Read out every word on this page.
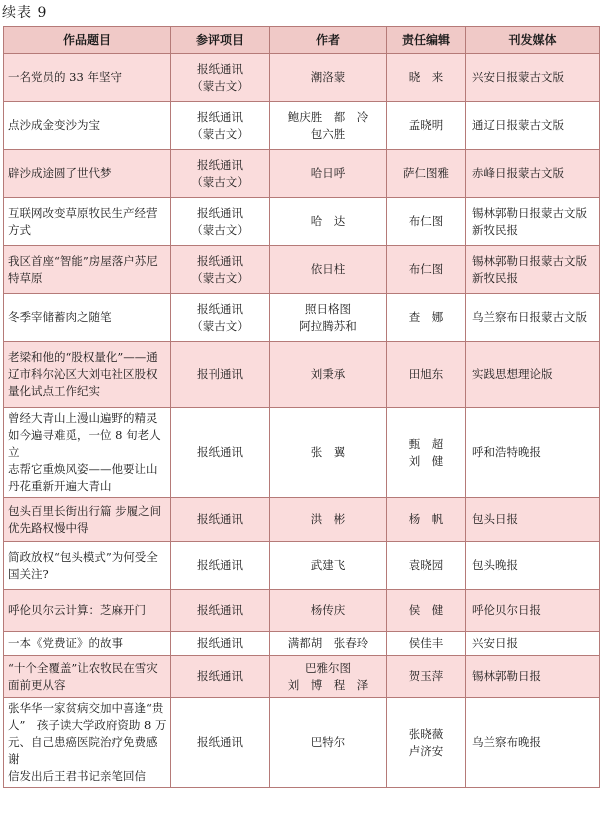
续表 9
作品题目	参评项目	作者	责任编辑	刊发媒体

一名党员的 33 年坚守	报纸通讯
（蒙古文）	潮洛蒙	晓　来	兴安日报蒙古文版

点沙成金变沙为宝	报纸通讯
（蒙古文）	鲍庆胜　都　冷
包六胜	孟晓明	通辽日报蒙古文版

辟沙成途圆了世代梦	报纸通讯
（蒙古文）	哈日呼	萨仁图雅	赤峰日报蒙古文版

互联网改变草原牧民生产经营
方式	报纸通讯
（蒙古文）	哈　达	布仁图	锡林郭勒日报蒙古文版
新牧民报

我区首座“智能”房屋落户苏尼
特草原	报纸通讯
（蒙古文）	依日柱	布仁图	锡林郭勒日报蒙古文版
新牧民报

冬季宰储蓄肉之随笔	报纸通讯
（蒙古文）	照日格图
阿拉腾苏和	查　娜	乌兰察布日报蒙古文版

老梁和他的“股权量化”——通
辽市科尔沁区大刘屯社区股权
量化试点工作纪实	报刊通讯	刘秉承	田旭东	实践思想理论版

曾经大青山上漫山遍野的精灵
如今遍寻难觅，一位 8 旬老人立
志帮它重焕风姿——他要让山
丹花重新开遍大青山	报纸通讯	张　翼	甄　超
刘　健	呼和浩特晚报

包头百里长街出行篇 步履之间
优先路权慢中得	报纸通讯	洪　彬	杨　帆	包头日报

简政放权“包头模式”为何受全
国关注?	报纸通讯	武建飞	袁晓园	包头晚报

呼伦贝尔云计算：芝麻开门	报纸通讯	杨传庆	侯　健	呼伦贝尔日报

一本《党费证》的故事	报纸通讯	满都胡　张春玲	侯佳丰	兴安日报

“十个全覆盖”让农牧民在雪灾
面前更从容	报纸通讯	巴雅尔图
刘　博　程　泽	贺玉萍	锡林郭勒日报

张华华一家贫病交加中喜逢“贵
人”　孩子读大学政府资助 8 万
元、自己患癌医院治疗免费感谢
信发出后王君书记亲笔回信	报纸通讯	巴特尔	张晓薇
卢济安	乌兰察布晚报
